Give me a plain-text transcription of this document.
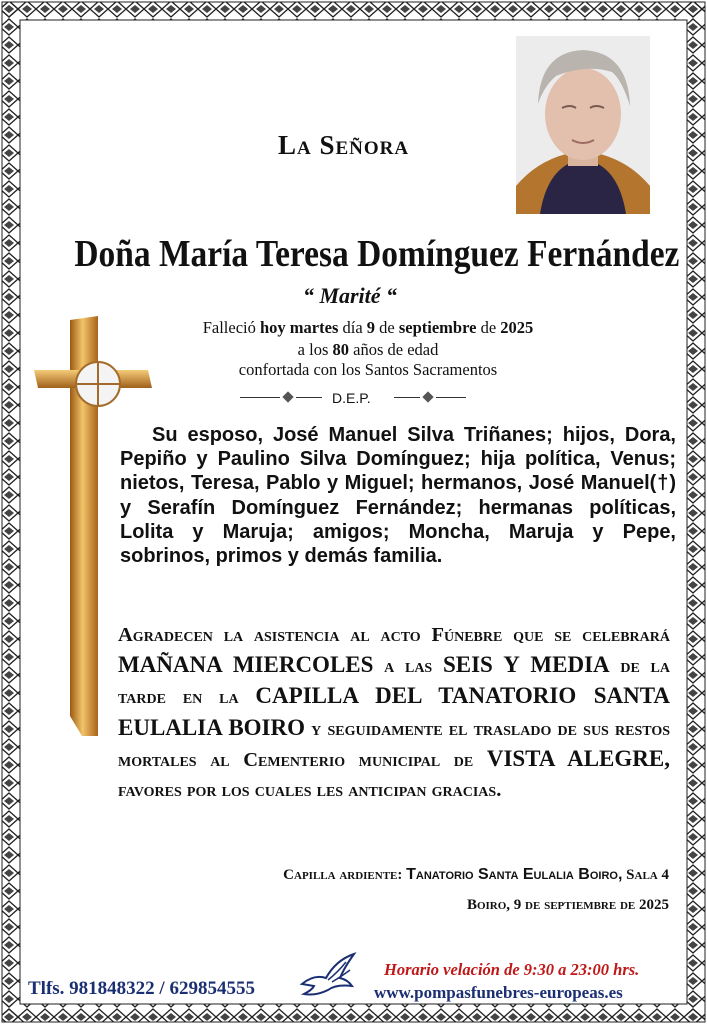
La Señora
Doña María Teresa Domínguez Fernández
“ Marité “
Falleció hoy martes día 9 de septiembre de 2025
a los 80 años de edad
confortada con los Santos Sacramentos
D.E.P.
Su esposo, José Manuel Silva Triñanes; hijos, Dora, Pepiño y Paulino Silva Domínguez; hija política, Venus; nietos, Teresa, Pablo y Miguel; hermanos, José Manuel(†) y Serafín Domínguez Fernández; hermanas políticas, Lolita y Maruja; amigos; Moncha, Maruja y Pepe, sobrinos, primos y demás familia.
Agradecen la asistencia al acto Fúnebre que se celebrará MAÑANA MIERCOLES a las SEIS Y MEDIA de la tarde en la CAPILLA DEL TANATORIO SANTA EULALIA BOIRO y seguidamente el traslado de sus restos mortales al Cementerio municipal de VISTA ALEGRE,
favores por los cuales les anticipan gracias.
Capilla ardiente: Tanatorio Santa Eulalia Boiro, Sala 4
Boiro, 9 de septiembre de 2025
Tlfs. 981848322 / 629854555
Horario velación de 9:30 a 23:00 hrs.
www.pompasfunebres-europeas.es
